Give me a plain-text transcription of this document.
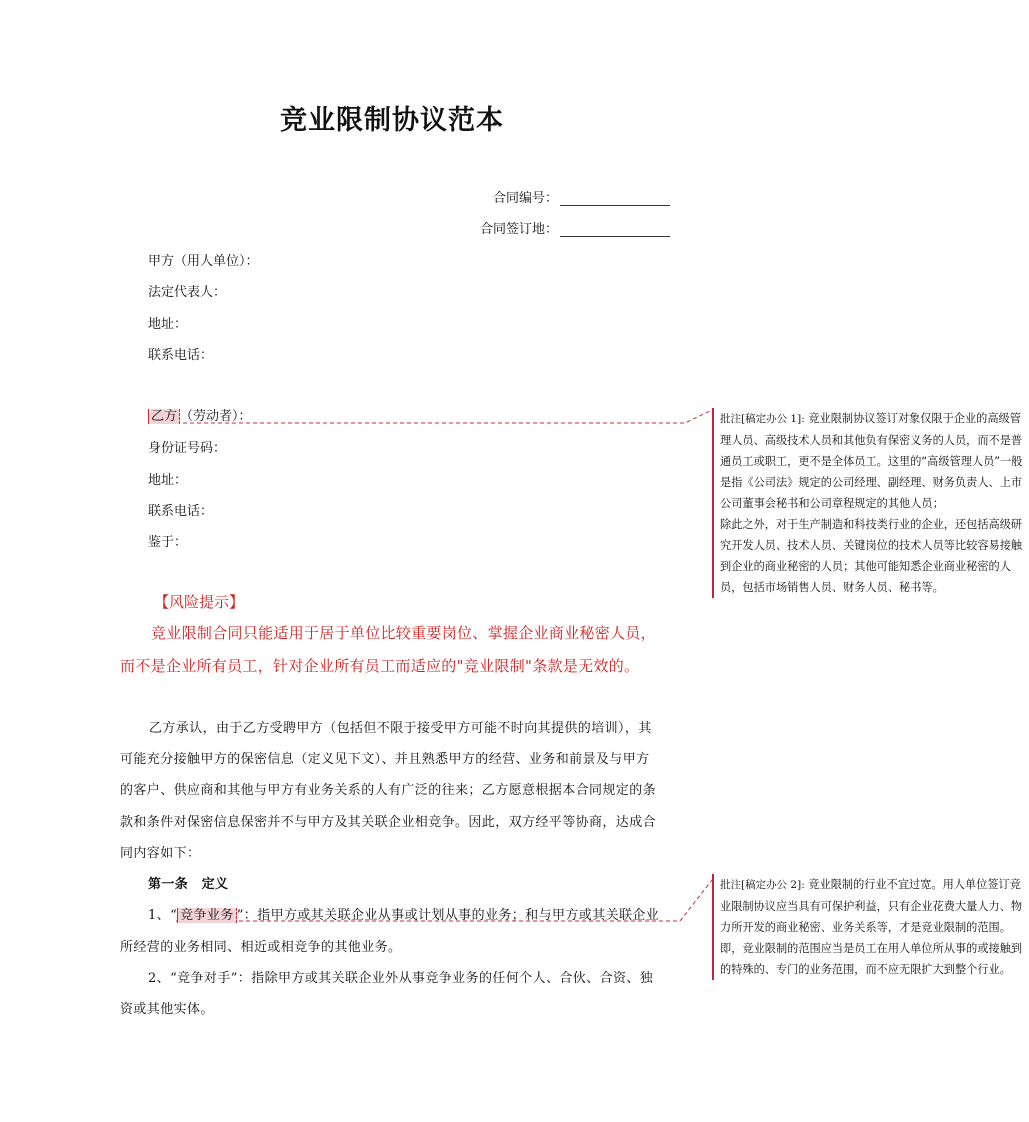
竞业限制协议范本
合同编号：
合同签订地：
甲方（用人单位）：
法定代表人：
地址：
联系电话：
乙方 （劳动者）：
身份证号码：
地址：
联系电话：
鉴于：
【风险提示】
竞业限制合同只能适用于居于单位比较重要岗位、掌握企业商业秘密人员，
而不是企业所有员工，针对企业所有员工而适应的"竞业限制"条款是无效的。
乙方承认，由于乙方受聘甲方（包括但不限于接受甲方可能不时向其提供的培训），其
可能充分接触甲方的保密信息（定义见下文）、并且熟悉甲方的经营、业务和前景及与甲方
的客户、供应商和其他与甲方有业务关系的人有广泛的往来；乙方愿意根据本合同规定的条
款和条件对保密信息保密并不与甲方及其关联企业相竞争。因此，双方经平等协商，达成合
同内容如下：
第一条　定义
1、“ 竞争业务 ”：指甲方或其关联企业从事或计划从事的业务；和与甲方或其关联企业
所经营的业务相同、相近或相竞争的其他业务。
2、“竞争对手”：指除甲方或其关联企业外从事竞争业务的任何个人、合伙、合资、独
资或其他实体。

批注[稿定办公 1]: 竞业限制协议签订对象仅限于企业的高级管理人员、高级技术人员和其他负有保密义务的人员，而不是普通员工或职工，更不是全体员工。这里的“高级管理人员”一般是指《公司法》规定的公司经理、副经理、财务负责人、上市公司董事会秘书和公司章程规定的其他人员；

除此之外，对于生产制造和科技类行业的企业，还包括高级研究开发人员、技术人员、关键岗位的技术人员等比较容易接触到企业的商业秘密的人员；其他可能知悉企业商业秘密的人员，包括市场销售人员、财务人员、秘书等。

批注[稿定办公 2]: 竞业限制的行业不宜过宽。用人单位签订竞业限制协议应当具有可保护利益，只有企业花费大量人力、物力所开发的商业秘密、业务关系等，才是竞业限制的范围。

即，竞业限制的范围应当是员工在用人单位所从事的或接触到的特殊的、专门的业务范围，而不应无限扩大到整个行业。
